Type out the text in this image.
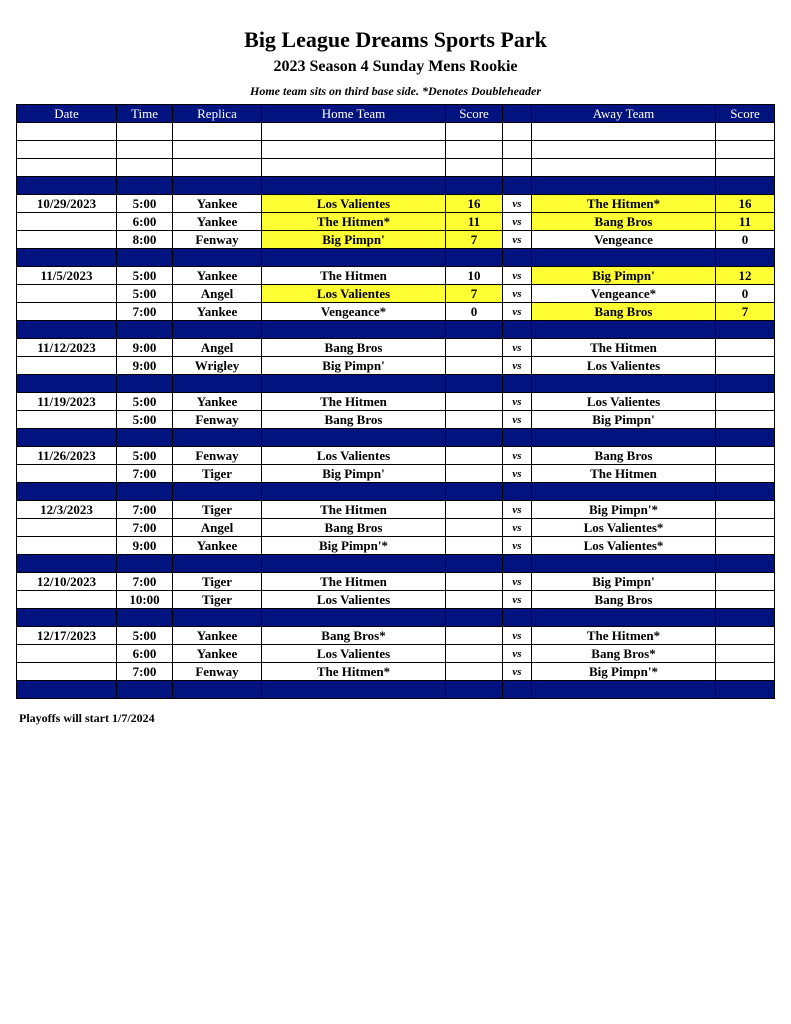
Big League Dreams Sports Park
2023 Season 4 Sunday Mens Rookie
Home team sits on third base side. *Denotes Doubleheader
Date	Time	Replica	Home Team	Score		Away Team	Score

10/29/2023	5:00	Yankee	Los Valientes	16	vs	The Hitmen*	16
	6:00	Yankee	The Hitmen*	11	vs	Bang Bros	11
	8:00	Fenway	Big Pimpn'	7	vs	Vengeance	0

11/5/2023	5:00	Yankee	The Hitmen	10	vs	Big Pimpn'	12
	5:00	Angel	Los Valientes	7	vs	Vengeance*	0
	7:00	Yankee	Vengeance*	0	vs	Bang Bros	7

11/12/2023	9:00	Angel	Bang Bros		vs	The Hitmen	
	9:00	Wrigley	Big Pimpn'		vs	Los Valientes	

11/19/2023	5:00	Yankee	The Hitmen		vs	Los Valientes	
	5:00	Fenway	Bang Bros		vs	Big Pimpn'	

11/26/2023	5:00	Fenway	Los Valientes		vs	Bang Bros	
	7:00	Tiger	Big Pimpn'		vs	The Hitmen	

12/3/2023	7:00	Tiger	The Hitmen		vs	Big Pimpn'*	
	7:00	Angel	Bang Bros		vs	Los Valientes*	
	9:00	Yankee	Big Pimpn'*		vs	Los Valientes*	

12/10/2023	7:00	Tiger	The Hitmen		vs	Big Pimpn'	
	10:00	Tiger	Los Valientes		vs	Bang Bros	

12/17/2023	5:00	Yankee	Bang Bros*		vs	The Hitmen*	
	6:00	Yankee	Los Valientes		vs	Bang Bros*	
	7:00	Fenway	The Hitmen*		vs	Big Pimpn'*	

Playoffs will start 1/7/2024
